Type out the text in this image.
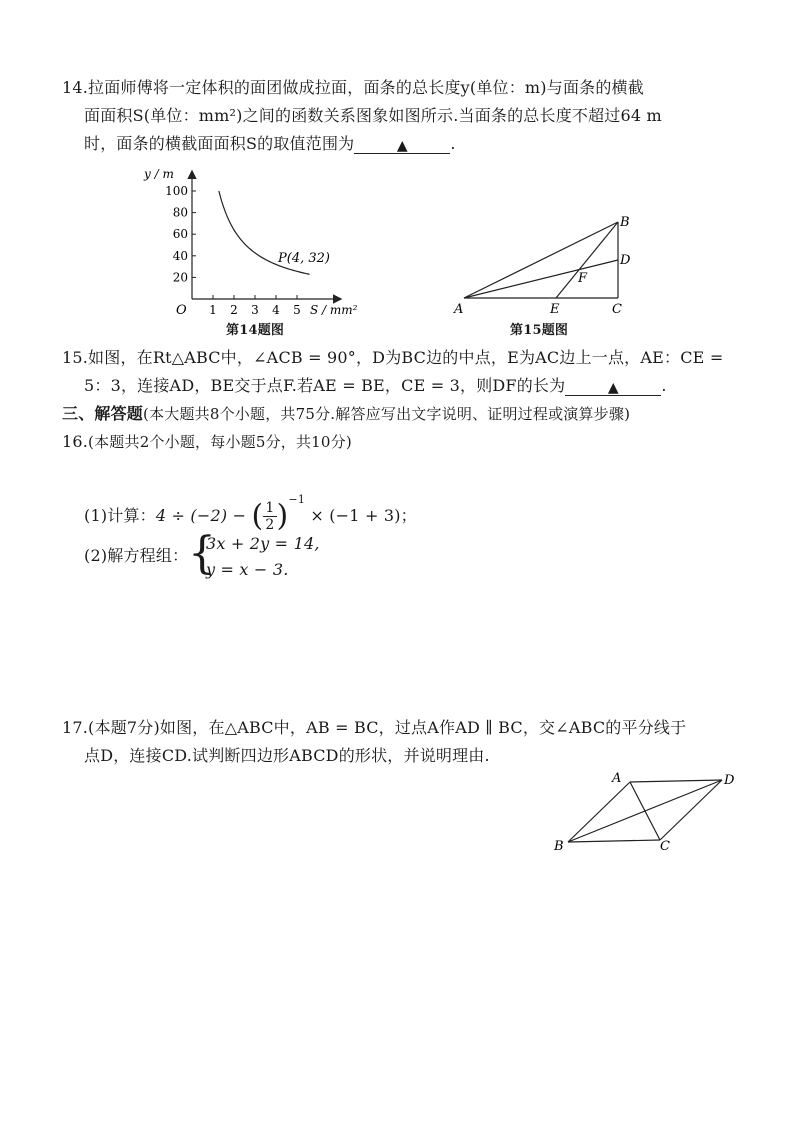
14.拉面师傅将一定体积的面团做成拉面，面条的总长度y(单位：m)与面条的横截
面面积S(单位：mm²)之间的函数关系图象如图所示.当面条的总长度不超过64 m
时，面条的横截面面积S的取值范围为	▲	.
y / m
S / mm²
O
100
80
60
40
20
1 2 3 4 5
P(4, 32)
第14题图
A
B
C
D
E
F
第15题图
15.如图，在Rt△ABC中，∠ACB = 90°，D为BC边的中点，E为AC边上一点，AE：CE =
5：3，连接AD，BE交于点F.若AE = BE，CE = 3，则DF的长为	▲	.
三、解答题(本大题共8个小题，共75分.解答应写出文字说明、证明过程或演算步骤)
16.(本题共2个小题，每小题5分，共10分)
(1)计算：4 ÷ (−2) − ( $\frac{1}{2} )^{-1} \times (-1 + 3)$；
(2)解方程组： {
3x + 2y = 14,
y = x − 3.
17.(本题7分)如图，在△ABC中，AB = BC，过点A作AD ∥ BC，交∠ABC的平分线于
点D，连接CD.试判断四边形ABCD的形状，并说明理由.
A
B	C
D
